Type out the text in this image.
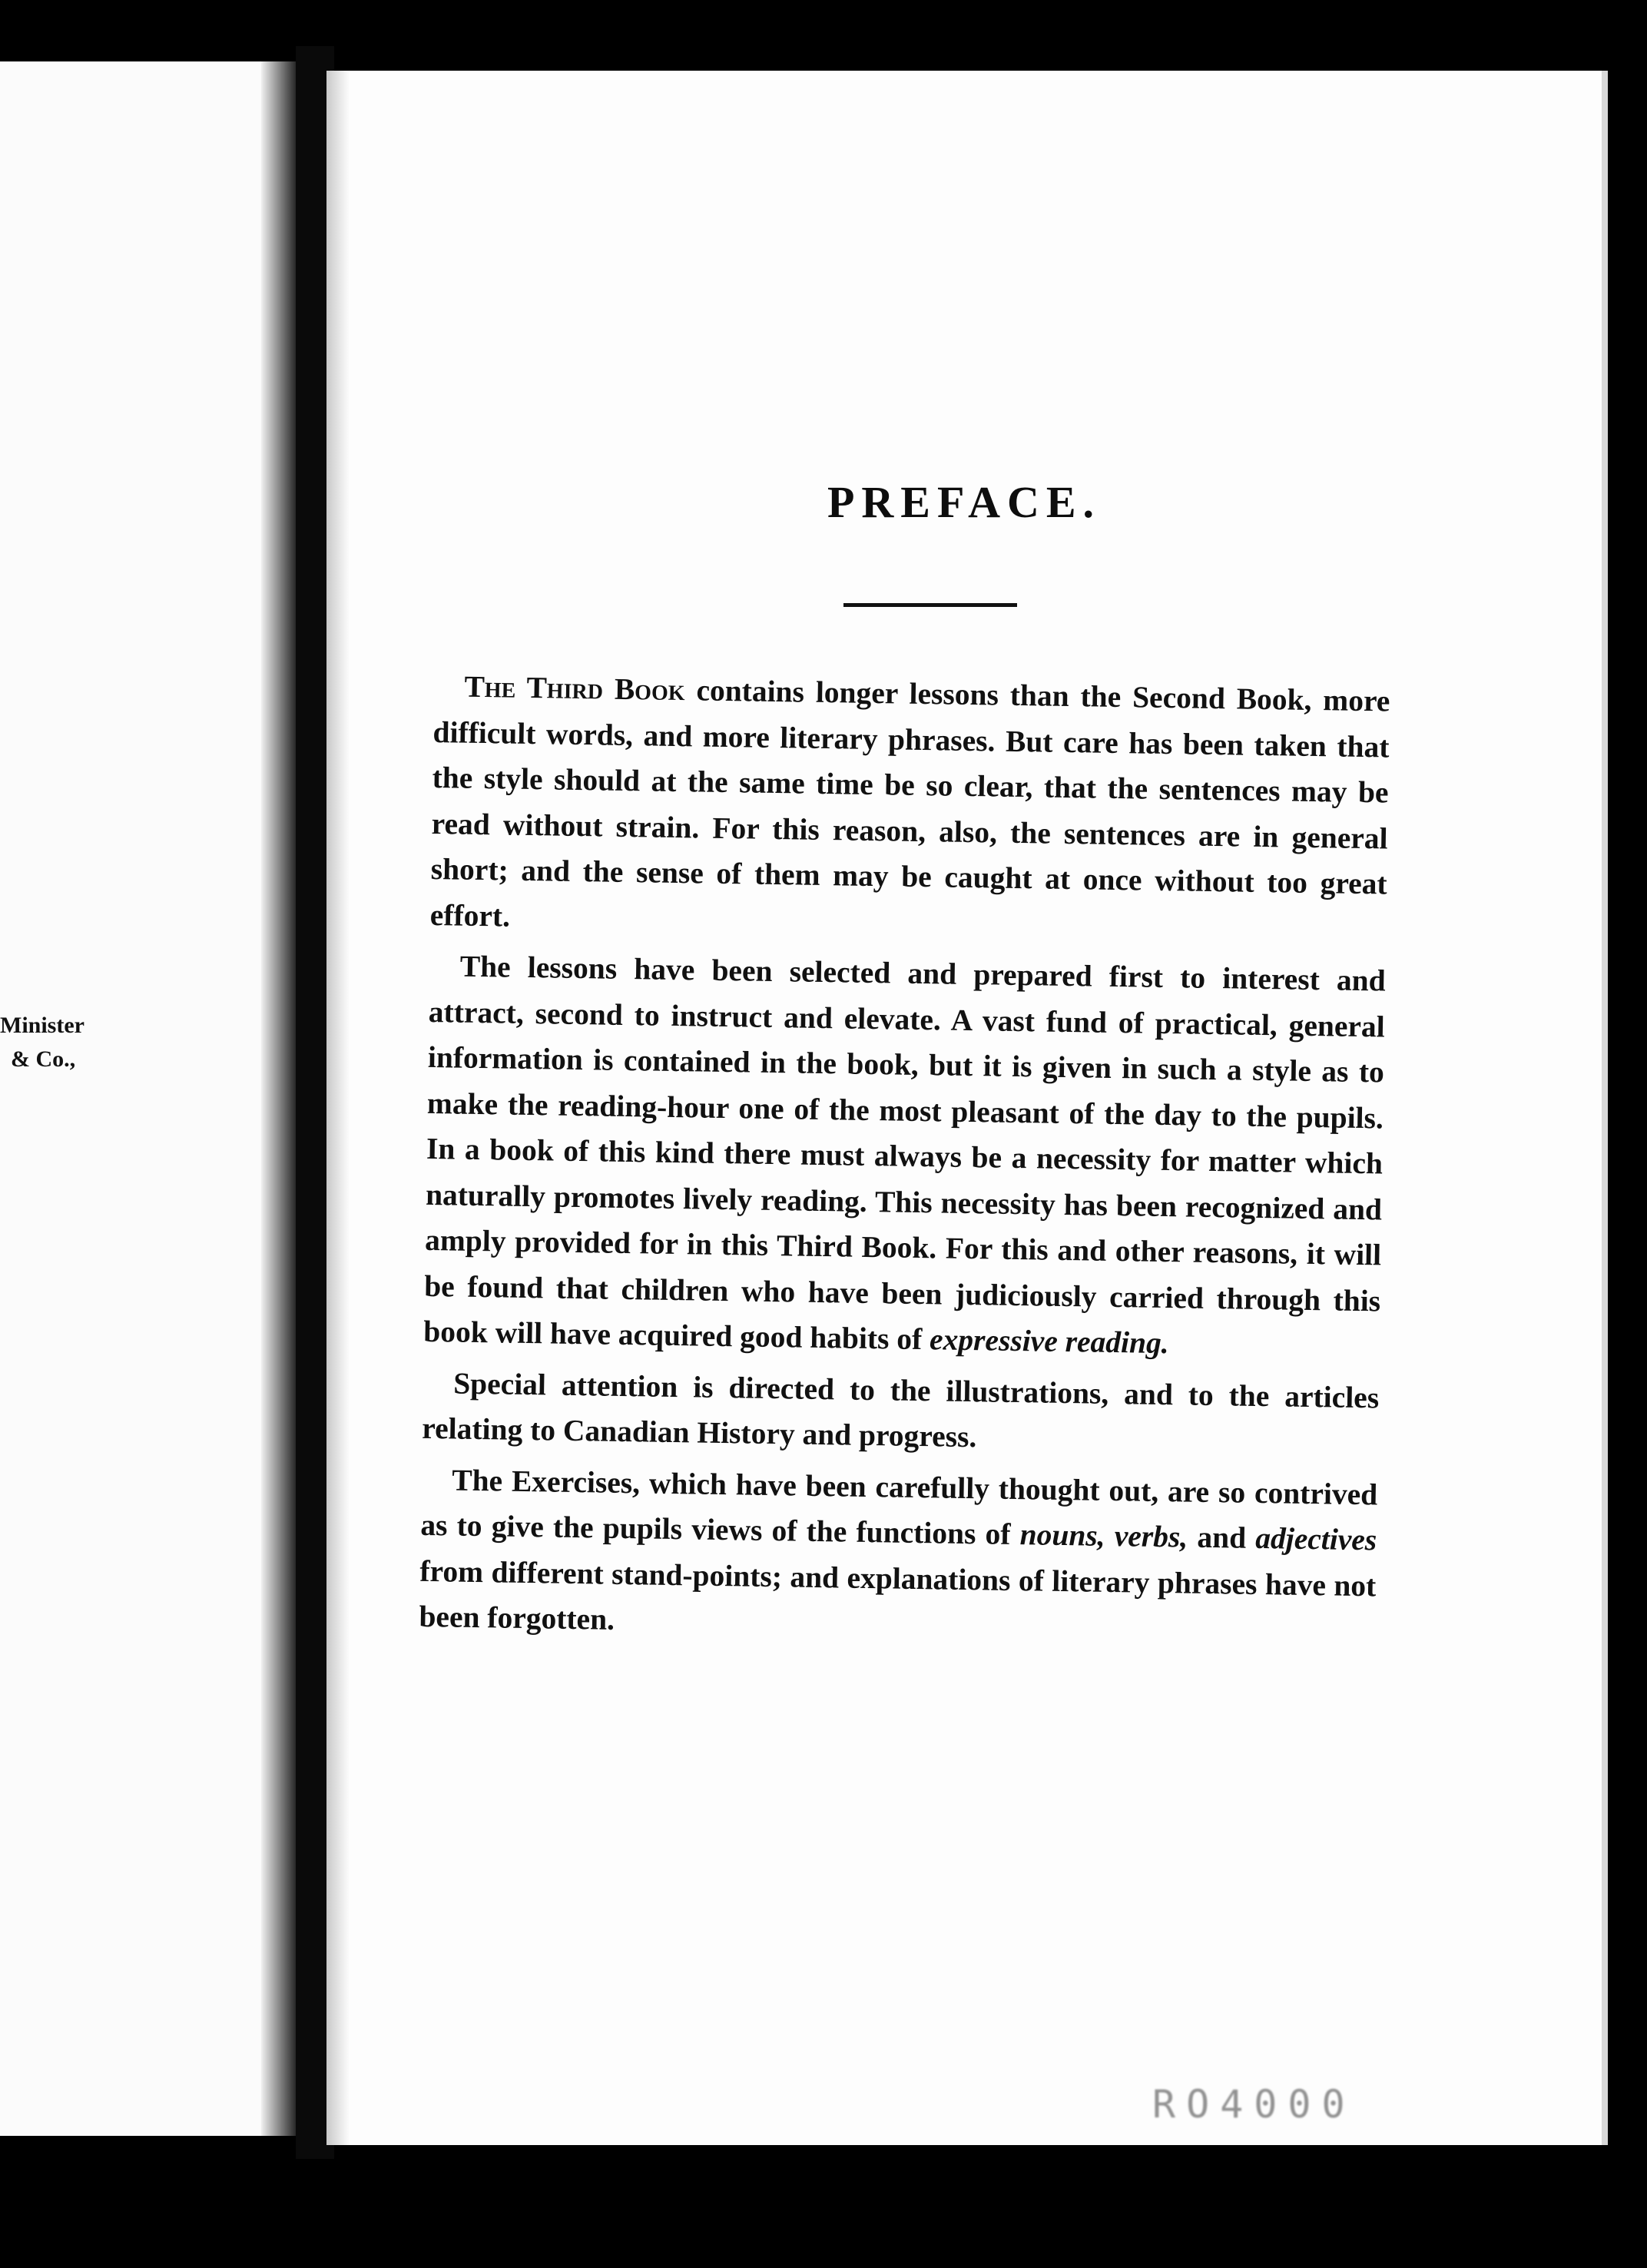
Minister
& Co.,
PREFACE.

The Third Book contains longer lessons than the Second Book, more difficult words, and more literary phrases. But care has been taken that the style should at the same time be so clear, that the sentences may be read without strain. For this reason, also, the sentences are in general short; and the sense of them may be caught at once without too great effort.

The lessons have been selected and prepared first to interest and attract, second to instruct and elevate. A vast fund of practical, general information is contained in the book, but it is given in such a style as to make the reading-hour one of the most pleasant of the day to the pupils. In a book of this kind there must always be a necessity for matter which naturally promotes lively reading. This necessity has been recognized and amply provided for in this Third Book. For this and other reasons, it will be found that children who have been judiciously carried through this book will have acquired good habits of expressive reading.

Special attention is directed to the illustrations, and to the articles relating to Canadian History and progress.

The Exercises, which have been carefully thought out, are so contrived as to give the pupils views of the functions of nouns, verbs, and adjectives from different stand-points; and explanations of literary phrases have not been forgotten.

RO4000
